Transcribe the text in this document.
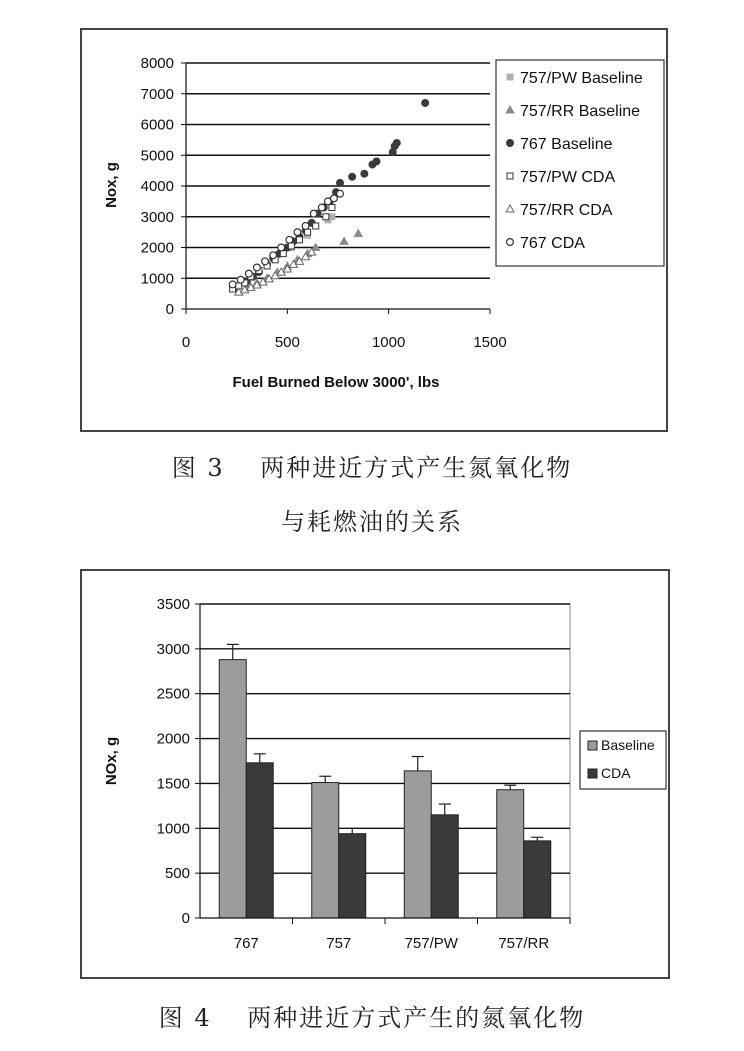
0
1000
2000
3000
4000
5000
6000
7000
8000
0	500	1000	1500
Fuel Burned Below 3000', lbs
Nox, g
757/PW Baseline
757/RR Baseline
767 Baseline
757/PW CDA
757/RR CDA
767 CDA
图 3　 两种进近方式产生氮氧化物
与耗燃油的关系
0
500
1000
1500
2000
2500
3000
3500
767	757	757/PW	757/RR
NOx, g	Baseline
CDA
图 4　 两种进近方式产生的氮氧化物
